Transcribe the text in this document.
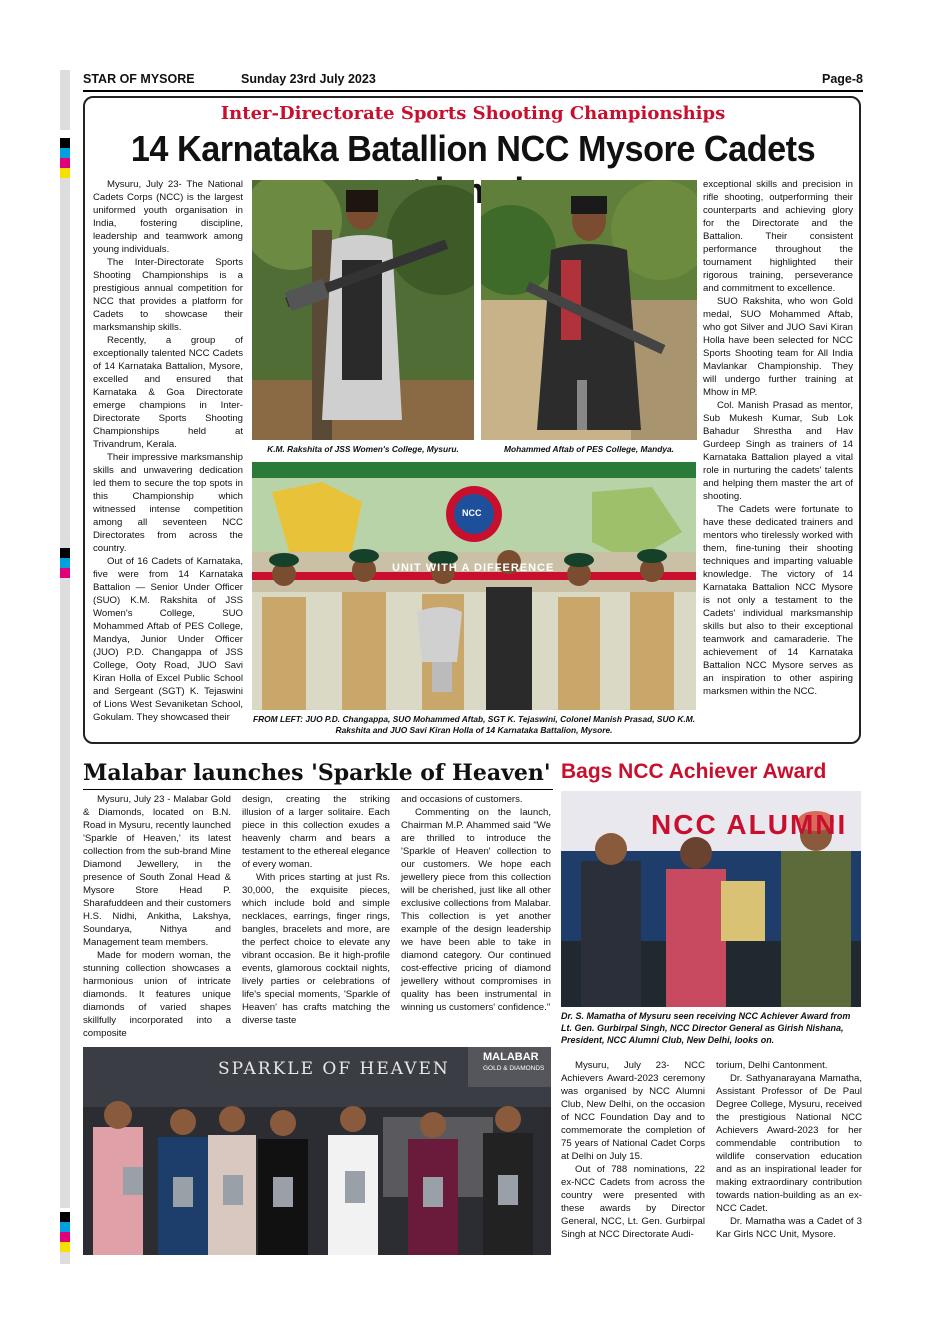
STAR OF MYSORE	Sunday 23rd July 2023	Page-8
Inter-Directorate Sports Shooting Championships
14 Karnataka Batallion NCC Mysore Cadets

Mysuru, July 23- The National Cadets Corps (NCC) is the largest uniformed youth organisation in India, fostering discipline, leadership and teamwork among young individuals.

The Inter-Directorate Sports Shooting Championships is a prestigious annual competition for NCC that provides a platform for Cadets to showcase their marksmanship skills.

Recently, a group of exceptionally talented NCC Cadets of 14 Karnataka Battalion, Mysore, excelled and ensured that Karnataka & Goa Directorate emerge champions in Inter-Directorate Sports Shooting Championships held at Trivandrum, Kerala.

Their impressive marksmanship skills and unwavering dedication led them to secure the top spots in this Championship which witnessed intense competition among all seventeen NCC Directorates from across the country.

Out of 16 Cadets of Karnataka, five were from 14 Karnataka Battalion — Senior Under Officer (SUO) K.M. Rakshita of JSS Women's College, SUO Mohammed Aftab of PES College, Mandya, Junior Under Officer (JUO) P.D. Changappa of JSS College, Ooty Road, JUO Savi Kiran Holla of Excel Public School and Sergeant (SGT) K. Tejaswini of Lions West Sevaniketan School, Gokulam. They showcased their

K.M. Rakshita of JSS Women's College, Mysuru.	Mohammed Aftab of PES College, Mandya.
UNIT WITH A DIFFERENCE
NCC
FROM LEFT: JUO P.D. Changappa, SUO Mohammed Aftab, SGT K. Tejaswini, Colonel Manish Prasad, SUO K.M. Rakshita and JUO Savi Kiran Holla of 14 Karnataka Battalion, Mysore.

exceptional skills and precision in rifle shooting, outperforming their counterparts and achieving glory for the Directorate and the Battalion. Their consistent performance throughout the tournament highlighted their rigorous training, perseverance and commitment to excellence.

SUO Rakshita, who won Gold medal, SUO Mohammed Aftab, who got Silver and JUO Savi Kiran Holla have been selected for NCC Sports Shooting team for All India Mavlankar Championship. They will undergo further training at Mhow in MP.

Col. Manish Prasad as mentor, Sub Mukesh Kumar, Sub Lok Bahadur Shrestha and Hav Gurdeep Singh as trainers of 14 Karnataka Battalion played a vital role in nurturing the cadets' talents and helping them master the art of shooting.

The Cadets were fortunate to have these dedicated trainers and mentors who tirelessly worked with them, fine-tuning their shooting techniques and imparting valuable knowledge. The victory of 14 Karnataka Battalion NCC Mysore is not only a testament to the Cadets' individual marksmanship skills but also to their exceptional teamwork and camaraderie. The achievement of 14 Karnataka Battalion NCC Mysore serves as an inspiration to other aspiring marksmen within the NCC.

Malabar launches 'Sparkle of Heaven'

Mysuru, July 23 - Malabar Gold & Diamonds, located on B.N. Road in Mysuru, recently launched 'Sparkle of Heaven,' its latest collection from the sub-brand Mine Diamond Jewellery, in the presence of South Zonal Head & Mysore Store Head P. Sharafuddeen and their customers H.S. Nidhi, Ankitha, Lakshya, Soundarya, Nithya and Management team members.

Made for modern woman, the stunning collection showcases a harmonious union of intricate diamonds. It features unique diamonds of varied shapes skillfully incorporated into a composite

design, creating the striking illusion of a larger solitaire. Each piece in this collection exudes a heavenly charm and bears a testament to the ethereal elegance of every woman.

With prices starting at just Rs. 30,000, the exquisite pieces, which include bold and simple necklaces, earrings, finger rings, bangles, bracelets and more, are the perfect choice to elevate any vibrant occasion. Be it high-profile events, glamorous cocktail nights, lively parties or celebrations of life's special moments, 'Sparkle of Heaven' has crafts matching the diverse taste

and occasions of customers.

Commenting on the launch, Chairman M.P. Ahammed said "We are thrilled to introduce the 'Sparkle of Heaven' collection to our customers. We hope each jewellery piece from this collection will be cherished, just like all other exclusive collections from Malabar. This collection is yet another example of the design leadership we have been able to take in diamond category. Our continued cost-effective pricing of diamond jewellery without compromises in quality has been instrumental in winning us customers' confidence."

SPARKLE OF HEAVEN
MALABAR
GOLD & DIAMONDS
Bags NCC Achiever Award
NCC ALUMNI
Dr. S. Mamatha of Mysuru seen receiving NCC Achiever Award from Lt. Gen. Gurbirpal Singh, NCC Director General as Girish Nishana, President, NCC Alumni Club, New Delhi, looks on.

Mysuru, July 23- NCC Achievers Award-2023 ceremony was organised by NCC Alumni Club, New Delhi, on the occasion of NCC Foundation Day and to commemorate the completion of 75 years of National Cadet Corps at Delhi on July 15.

Out of 788 nominations, 22 ex-NCC Cadets from across the country were presented with these awards by Director General, NCC, Lt. Gen. Gurbirpal Singh at NCC Directorate Audi-

torium, Delhi Cantonment.

Dr. Sathyanarayana Mamatha, Assistant Professor of De Paul Degree College, Mysuru, received the prestigious National NCC Achievers Award-2023 for her commendable contribution to wildlife conservation education and as an inspirational leader for making extraordinary contribution towards nation-building as an ex-NCC Cadet.

Dr. Mamatha was a Cadet of 3 Kar Girls NCC Unit, Mysore.
